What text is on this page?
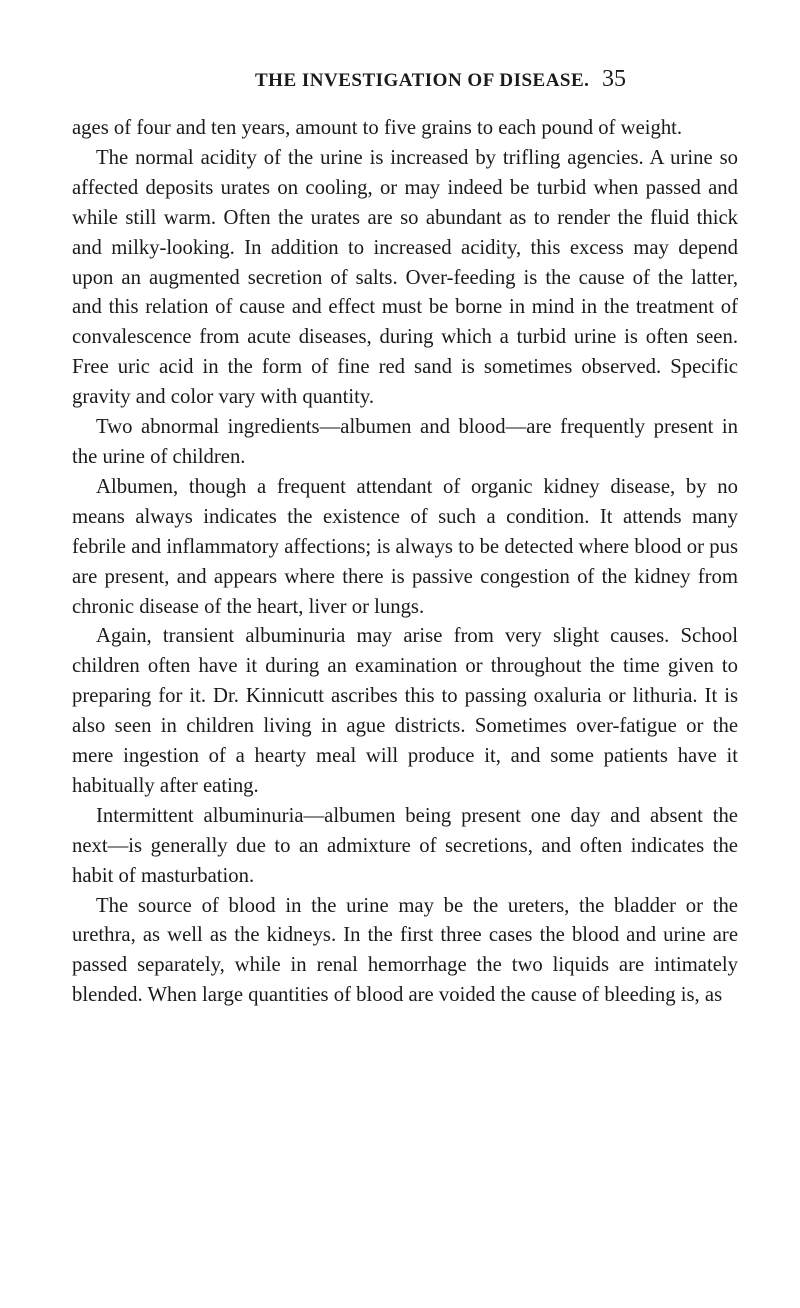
THE INVESTIGATION OF DISEASE. 35

ages of four and ten years, amount to five grains to each pound of weight.

The normal acidity of the urine is increased by trifling agencies. A urine so affected deposits urates on cooling, or may indeed be turbid when passed and while still warm. Often the urates are so abundant as to render the fluid thick and milky-looking. In addition to increased acidity, this excess may depend upon an augmented secretion of salts. Over-feeding is the cause of the latter, and this relation of cause and effect must be borne in mind in the treatment of convalescence from acute diseases, during which a turbid urine is often seen. Free uric acid in the form of fine red sand is sometimes observed. Specific gravity and color vary with quantity.

Two abnormal ingredients—albumen and blood—are frequently present in the urine of children.

Albumen, though a frequent attendant of organic kidney disease, by no means always indicates the existence of such a condition. It attends many febrile and inflammatory affections; is always to be detected where blood or pus are present, and appears where there is passive congestion of the kidney from chronic disease of the heart, liver or lungs.

Again, transient albuminuria may arise from very slight causes. School children often have it during an examination or throughout the time given to preparing for it. Dr. Kinnicutt ascribes this to passing oxaluria or lithuria. It is also seen in children living in ague districts. Sometimes over-fatigue or the mere ingestion of a hearty meal will produce it, and some patients have it habitually after eating.

Intermittent albuminuria—albumen being present one day and absent the next—is generally due to an admixture of secretions, and often indicates the habit of masturbation.

The source of blood in the urine may be the ureters, the bladder or the urethra, as well as the kidneys. In the first three cases the blood and urine are passed separately, while in renal hemorrhage the two liquids are intimately blended. When large quantities of blood are voided the cause of bleeding is, as
